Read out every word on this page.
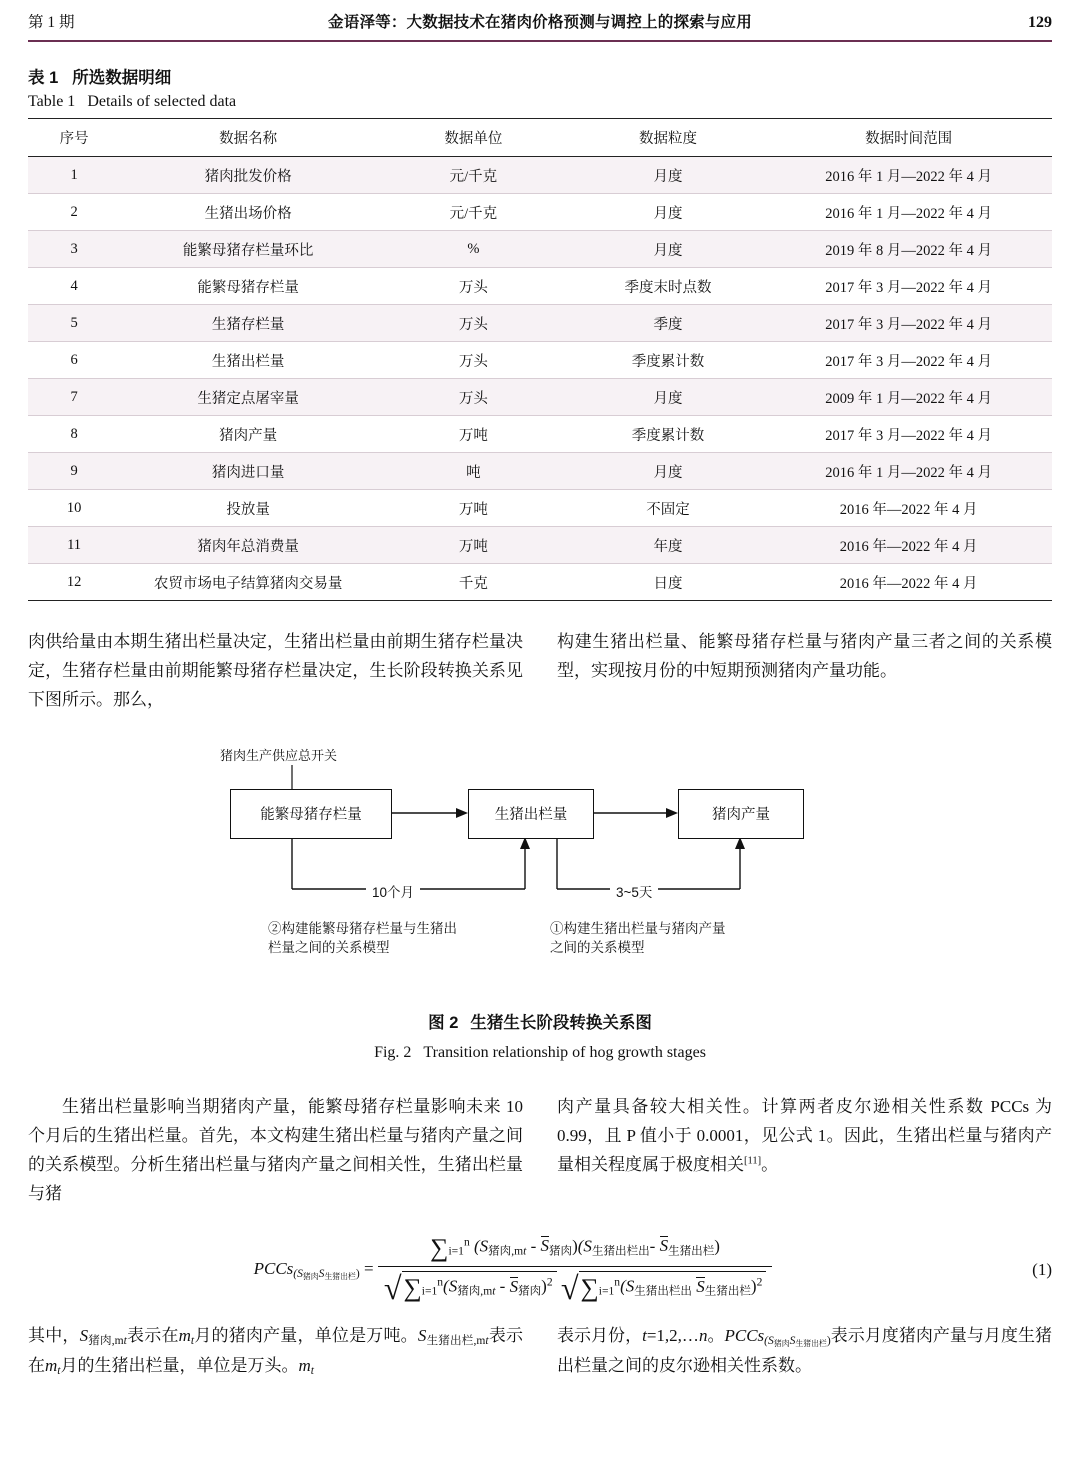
第 1 期	金语泽等：大数据技术在猪肉价格预测与调控上的探索与应用	129
表 1 所选数据明细
Table 1 Details of selected data
序号	数据名称	数据单位	数据粒度	数据时间范围
1	猪肉批发价格	元/千克	月度	2016 年 1 月—2022 年 4 月
2	生猪出场价格	元/千克	月度	2016 年 1 月—2022 年 4 月
3	能繁母猪存栏量环比	%	月度	2019 年 8 月—2022 年 4 月
4	能繁母猪存栏量	万头	季度末时点数	2017 年 3 月—2022 年 4 月
5	生猪存栏量	万头	季度	2017 年 3 月—2022 年 4 月
6	生猪出栏量	万头	季度累计数	2017 年 3 月—2022 年 4 月
7	生猪定点屠宰量	万头	月度	2009 年 1 月—2022 年 4 月
8	猪肉产量	万吨	季度累计数	2017 年 3 月—2022 年 4 月
9	猪肉进口量	吨	月度	2016 年 1 月—2022 年 4 月
10	投放量	万吨	不固定	2016 年—2022 年 4 月
11	猪肉年总消费量	万吨	年度	2016 年—2022 年 4 月
12	农贸市场电子结算猪肉交易量	千克	日度	2016 年—2022 年 4 月

肉供给量由本期生猪出栏量决定，生猪出栏量由前期生猪存栏量决定，生猪存栏量由前期能繁母猪存栏量决定，生长阶段转换关系见下图所示。那么，

构建生猪出栏量、能繁母猪存栏量与猪肉产量三者之间的关系模型，实现按月份的中短期预测猪肉产量功能。

猪肉生产供应总开关
能繁母猪存栏量	生猪出栏量	猪肉产量
10个月	3~5天
②构建能繁母猪存栏量与生猪出
栏量之间的关系模型
①构建生猪出栏量与猪肉产量
之间的关系模型
图 2 生猪生长阶段转换关系图
Fig. 2 Transition relationship of hog growth stages

生猪出栏量影响当期猪肉产量，能繁母猪存栏量影响未来 10 个月后的生猪出栏量。首先，本文构建生猪出栏量与猪肉产量之间的关系模型。分析生猪出栏量与猪肉产量之间相关性，生猪出栏量与猪

肉产量具备较大相关性。计算两者皮尔逊相关性系数 PCCs 为 0.99，且 P 值小于 0.0001，见公式 1。因此，生猪出栏量与猪肉产量相关程度属于极度相关[11]。

PCCs$_{(S_{猪肉}S_{生猪出栏})}$ = $\frac{\sum_{i=1}^n (S_{猪肉,mt} - S_{猪肉})(S_{生猪出栏出}- S_{生猪出栏})}{√\sum_{i=1}^n(S_{猪肉,mt} - S_{猪肉})^2 √\sum_{i=1}^n(S_{生猪出栏出} S_{生猪出栏})^2}$	(1)

其中，$S_{猪肉,mt}$表示在$m_t$月的猪肉产量，单位是万吨。$S_{生猪出栏,mt}$表示在$m_t$月的生猪出栏量，单位是万头。$m_t$

表示月份，t=1,2,…n。PCCs$_{(S_{猪肉}S_{生猪出栏})}$表示月度猪肉产量与月度生猪出栏量之间的皮尔逊相关性系数。
